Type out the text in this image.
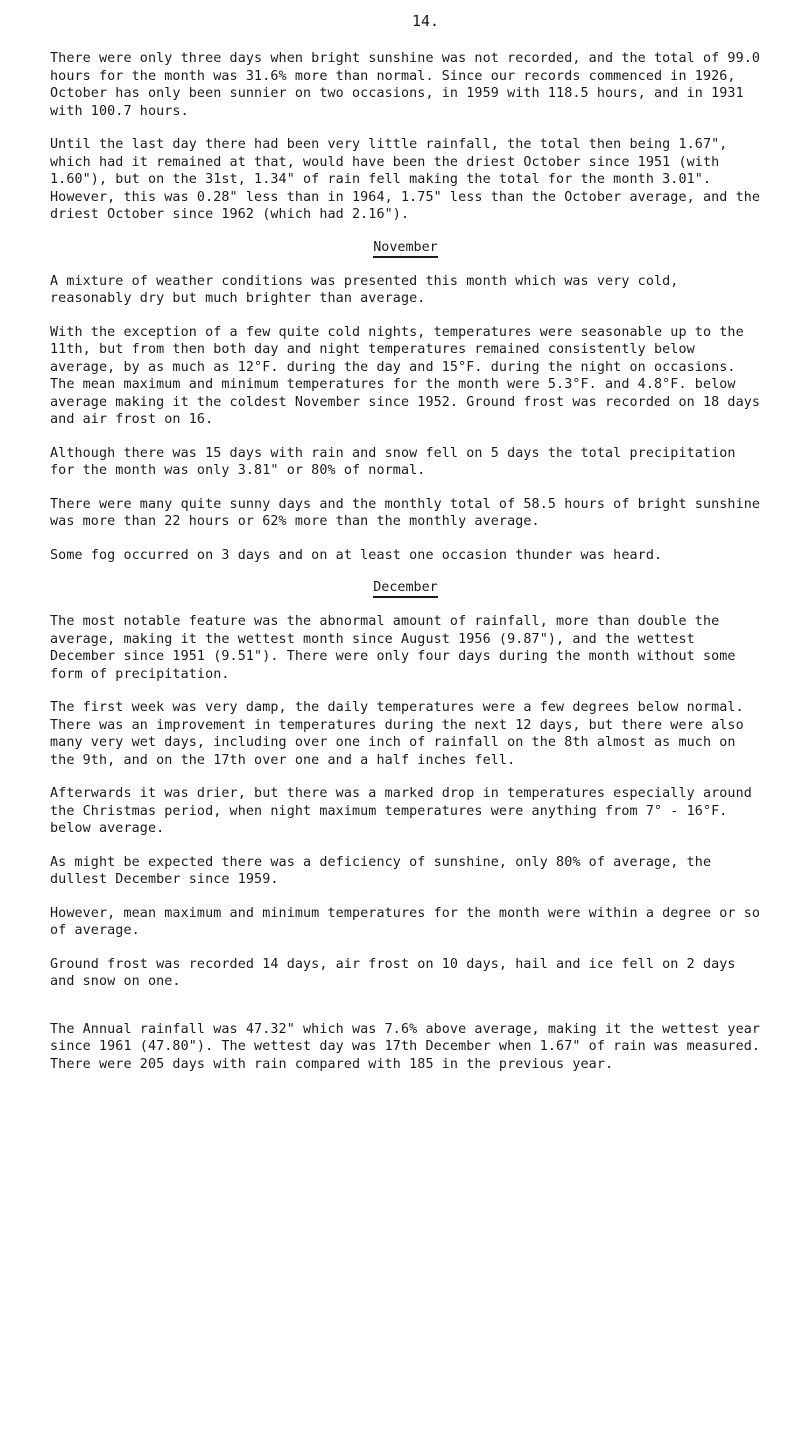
14.

There were only three days when bright sunshine was not recorded, and the total of 99.0 hours for the month was 31.6% more than normal. Since our records commenced in 1926, October has only been sunnier on two occasions, in 1959 with 118.5 hours, and in 1931 with 100.7 hours.

Until the last day there had been very little rainfall, the total then being 1.67", which had it remained at that, would have been the driest October since 1951 (with 1.60"), but on the 31st, 1.34" of rain fell making the total for the month 3.01". However, this was 0.28" less than in 1964, 1.75" less than the October average, and the driest October since 1962 (which had 2.16").

November

A mixture of weather conditions was presented this month which was very cold, reasonably dry but much brighter than average.

With the exception of a few quite cold nights, temperatures were seasonable up to the 11th, but from then both day and night temperatures remained consistently below average, by as much as 12°F. during the day and 15°F. during the night on occasions. The mean maximum and minimum temperatures for the month were 5.3°F. and 4.8°F. below average making it the coldest November since 1952. Ground frost was recorded on 18 days and air frost on 16.

Although there was 15 days with rain and snow fell on 5 days the total precipitation for the month was only 3.81" or 80% of normal.

There were many quite sunny days and the monthly total of 58.5 hours of bright sunshine was more than 22 hours or 62% more than the monthly average.

Some fog occurred on 3 days and on at least one occasion thunder was heard.

December

The most notable feature was the abnormal amount of rainfall, more than double the average, making it the wettest month since August 1956 (9.87"), and the wettest December since 1951 (9.51"). There were only four days during the month without some form of precipitation.

The first week was very damp, the daily temperatures were a few degrees below normal. There was an improvement in temperatures during the next 12 days, but there were also many very wet days, including over one inch of rainfall on the 8th almost as much on the 9th, and on the 17th over one and a half inches fell.

Afterwards it was drier, but there was a marked drop in temperatures especially around the Christmas period, when night maximum temperatures were anything from 7° - 16°F. below average.

As might be expected there was a deficiency of sunshine, only 80% of average, the dullest December since 1959.

However, mean maximum and minimum temperatures for the month were within a degree or so of average.

Ground frost was recorded 14 days, air frost on 10 days, hail and ice fell on 2 days and snow on one.

The Annual rainfall was 47.32" which was 7.6% above average, making it the wettest year since 1961 (47.80"). The wettest day was 17th December when 1.67" of rain was measured. There were 205 days with rain compared with 185 in the previous year.
